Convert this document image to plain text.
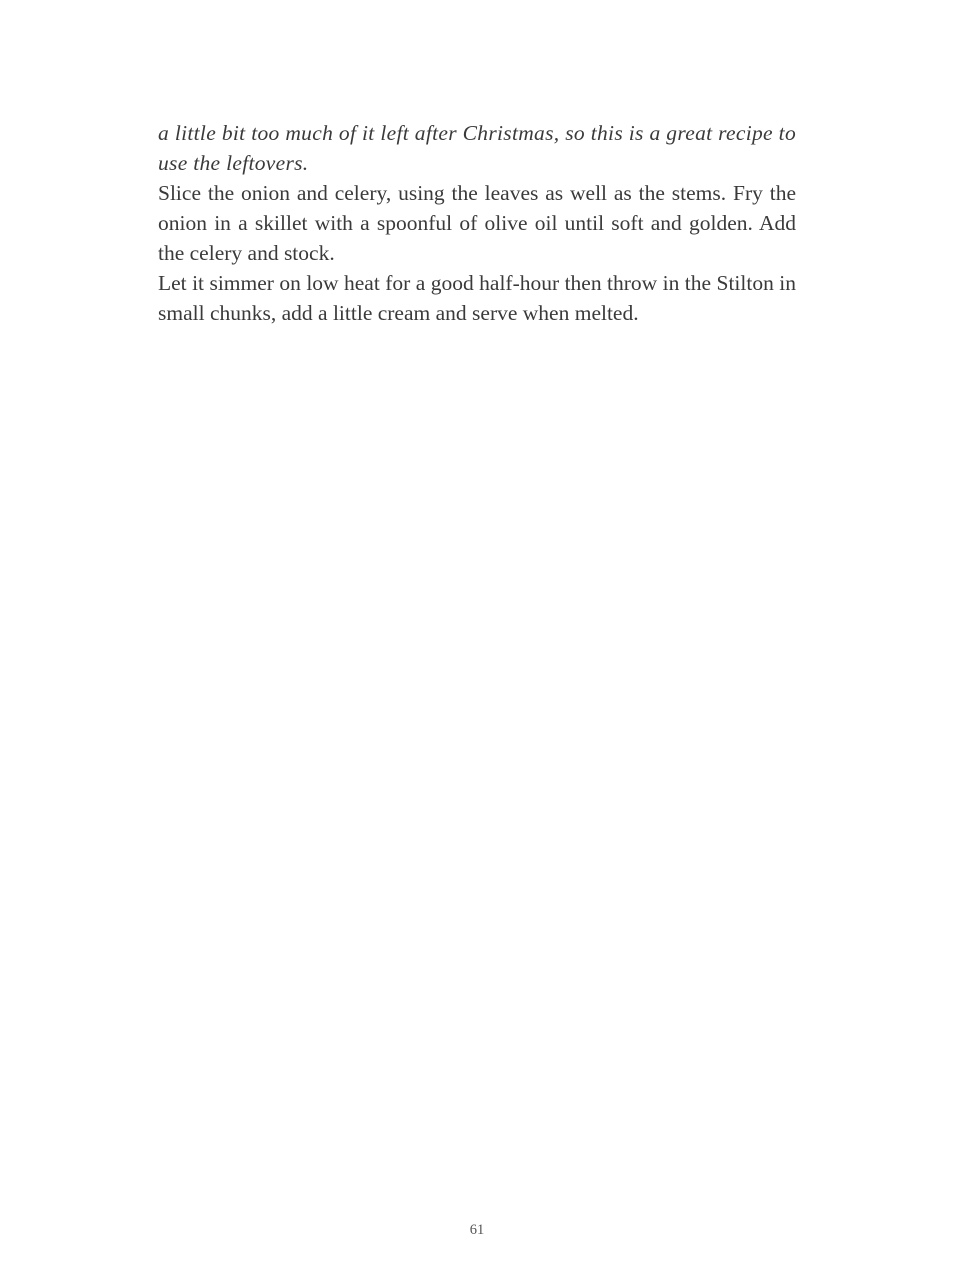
a little bit too much of it left after Christmas, so this is a great recipe to use the leftovers.

Slice the onion and celery, using the leaves as well as the stems. Fry the onion in a skillet with a spoonful of olive oil until soft and golden. Add the celery and stock.

Let it simmer on low heat for a good half-hour then throw in the Stilton in small chunks, add a little cream and serve when melted.

61
